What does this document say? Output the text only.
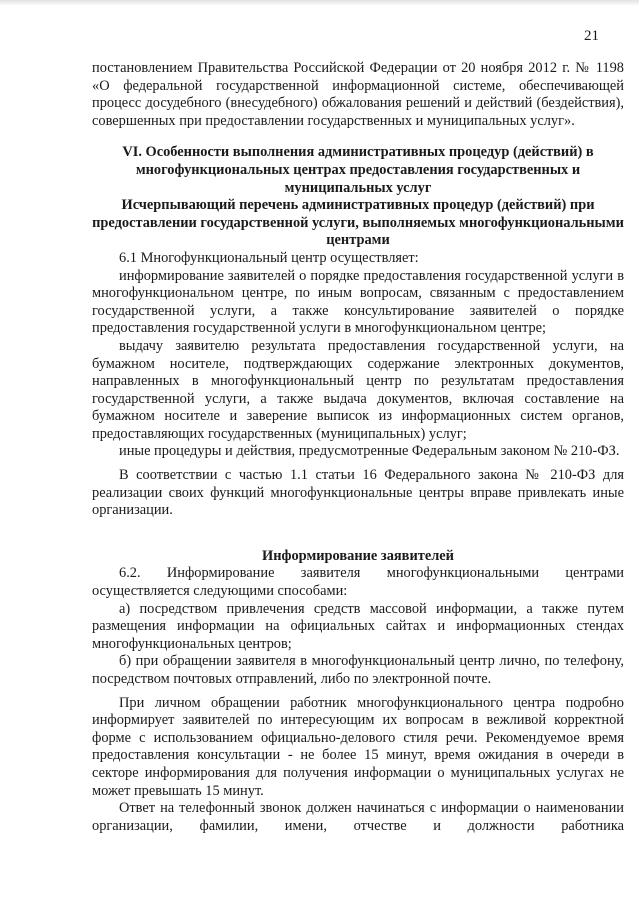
21

постановлением Правительства Российской Федерации от 20 ноября 2012 г. № 1198 «О федеральной государственной информационной системе, обеспечивающей процесс досудебного (внесудебного) обжалования решений и действий (бездействия), совершенных при предоставлении государственных и муниципальных услуг».

VI. Особенности выполнения административных процедур (действий) в многофункциональных центрах предоставления государственных и муниципальных услуг

Исчерпывающий перечень административных процедур (действий) при предоставлении государственной услуги, выполняемых многофункциональными центрами

6.1 Многофункциональный центр осуществляет:

информирование заявителей о порядке предоставления государственной услуги в многофункциональном центре, по иным вопросам, связанным с предоставлением государственной услуги, а также консультирование заявителей о порядке предоставления государственной услуги в многофункциональном центре;

выдачу заявителю результата предоставления государственной услуги, на бумажном носителе, подтверждающих содержание электронных документов, направленных в многофункциональный центр по результатам предоставления государственной услуги, а также выдача документов, включая составление на бумажном носителе и заверение выписок из информационных систем органов, предоставляющих государственных (муниципальных) услуг;

иные процедуры и действия, предусмотренные Федеральным законом № 210-ФЗ.

В соответствии с частью 1.1 статьи 16 Федерального закона № 210-ФЗ для реализации своих функций многофункциональные центры вправе привлекать иные организации.

Информирование заявителей

6.2. Информирование заявителя многофункциональными центрами осуществляется следующими способами:

а) посредством привлечения средств массовой информации, а также путем размещения информации на официальных сайтах и информационных стендах многофункциональных центров;

б) при обращении заявителя в многофункциональный центр лично, по телефону, посредством почтовых отправлений, либо по электронной почте.

При личном обращении работник многофункционального центра подробно информирует заявителей по интересующим их вопросам в вежливой корректной форме с использованием официально-делового стиля речи. Рекомендуемое время предоставления консультации - не более 15 минут, время ожидания в очереди в секторе информирования для получения информации о муниципальных услугах не может превышать 15 минут.

Ответ на телефонный звонок должен начинаться с информации о наименовании организации, фамилии, имени, отчестве и должности работника
